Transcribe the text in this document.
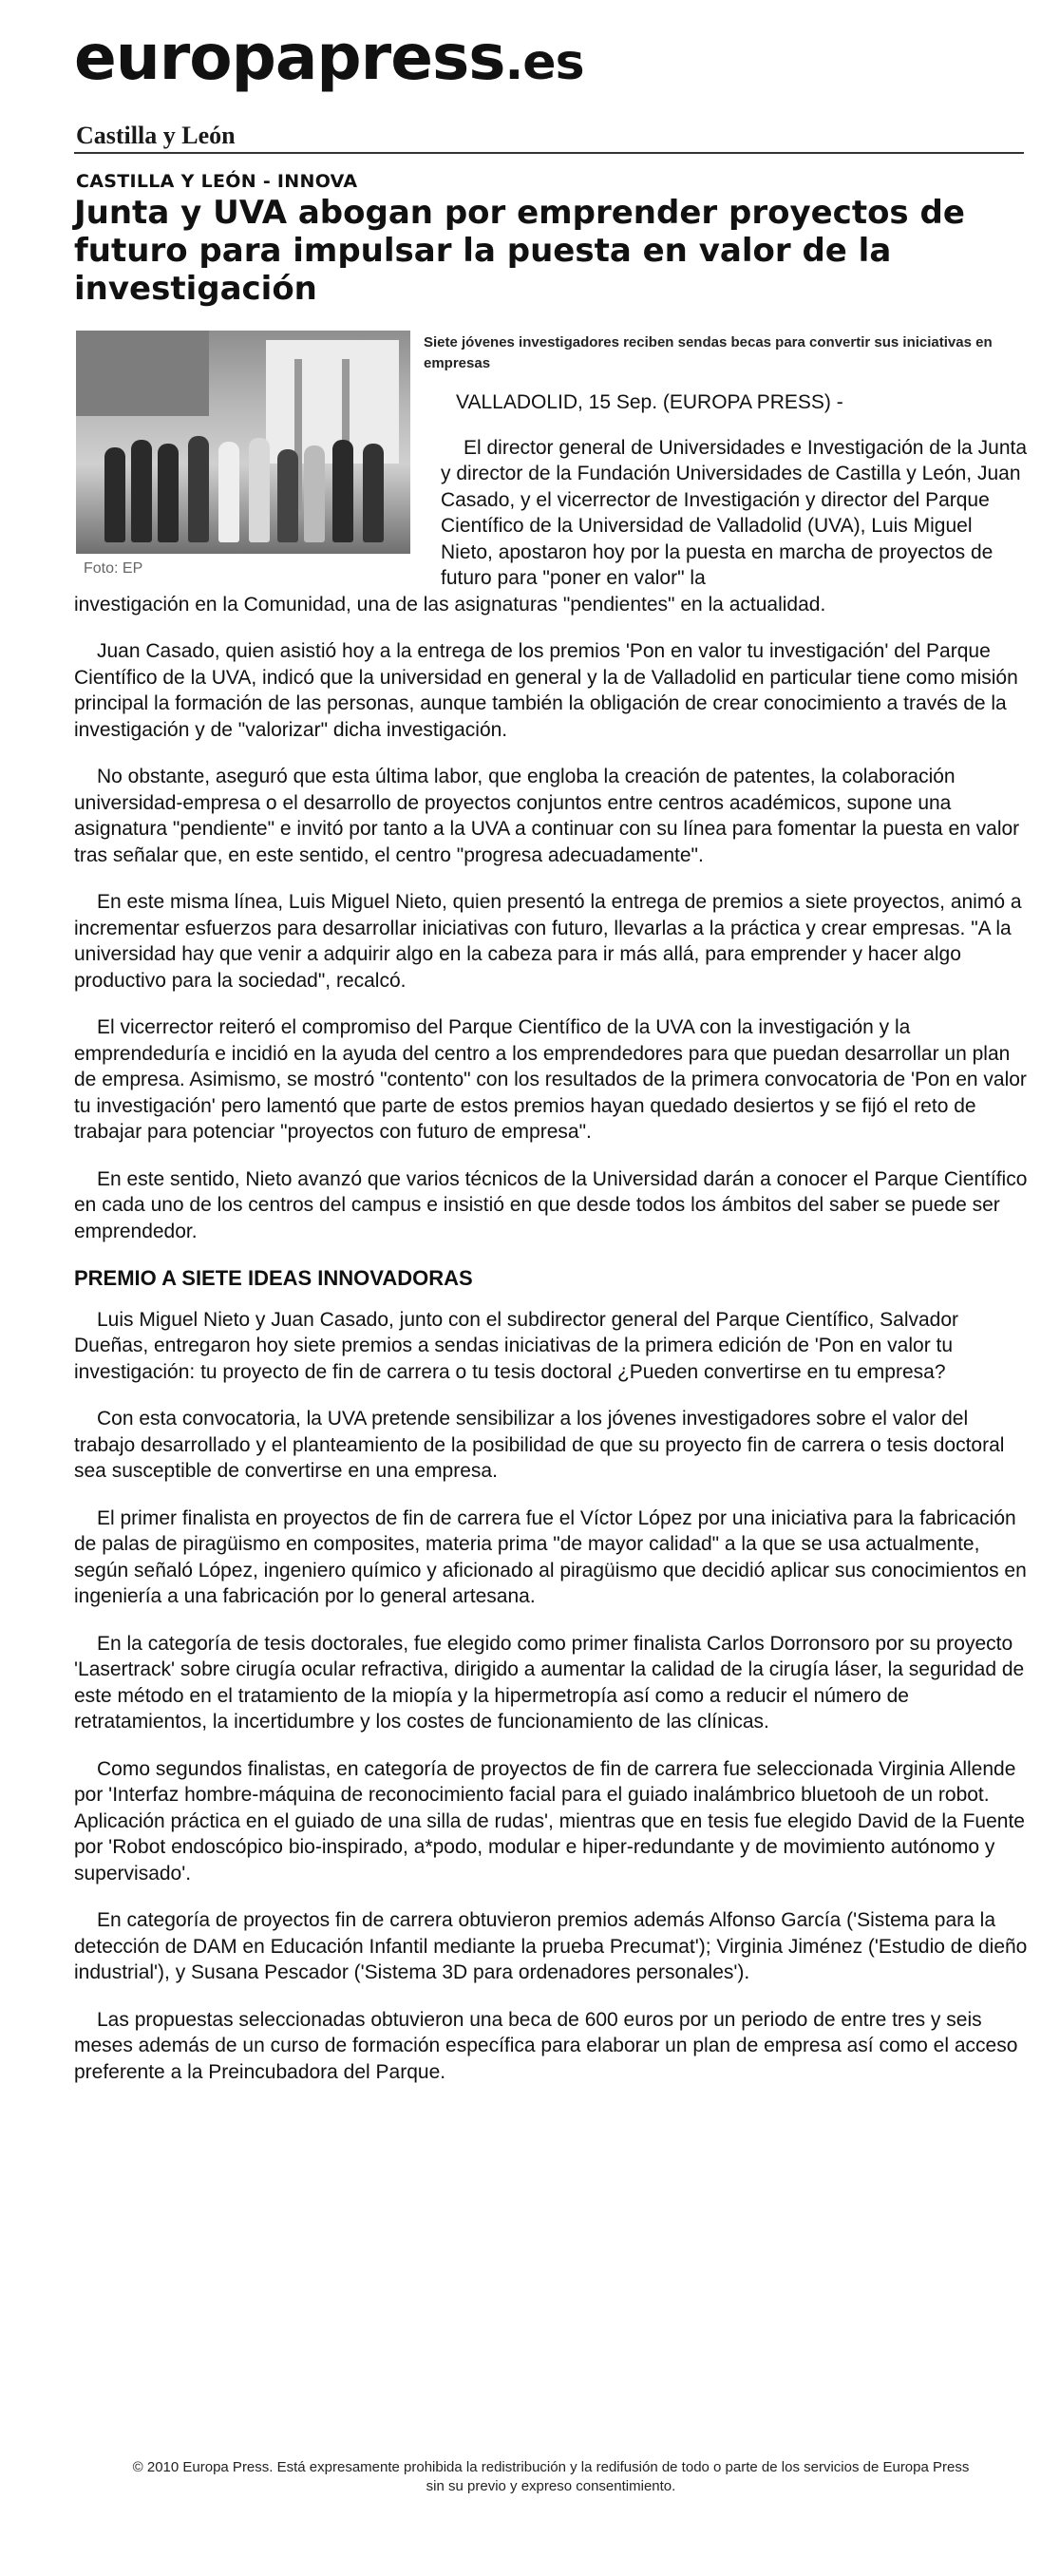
europapress.es
Castilla y León
CASTILLA Y LEÓN - INNOVA
Junta y UVA abogan por emprender proyectos de futuro para impulsar la puesta en valor de la investigación
Foto: EP
Siete jóvenes investigadores reciben sendas becas para convertir sus iniciativas en empresas

VALLADOLID, 15 Sep. (EUROPA PRESS) -

El director general de Universidades e Investigación de la Junta y director de la Fundación Universidades de Castilla y León, Juan Casado, y el vicerrector de Investigación y director del Parque Científico de la Universidad de Valladolid (UVA), Luis Miguel Nieto, apostaron hoy por la puesta en marcha de proyectos de futuro para "poner en valor" la

investigación en la Comunidad, una de las asignaturas "pendientes" en la actualidad.

Juan Casado, quien asistió hoy a la entrega de los premios 'Pon en valor tu investigación' del Parque Científico de la UVA, indicó que la universidad en general y la de Valladolid en particular tiene como misión principal la formación de las personas, aunque también la obligación de crear conocimiento a través de la investigación y de "valorizar" dicha investigación.

No obstante, aseguró que esta última labor, que engloba la creación de patentes, la colaboración universidad-empresa o el desarrollo de proyectos conjuntos entre centros académicos, supone una asignatura "pendiente" e invitó por tanto a la UVA a continuar con su línea para fomentar la puesta en valor tras señalar que, en este sentido, el centro "progresa adecuadamente".

En este misma línea, Luis Miguel Nieto, quien presentó la entrega de premios a siete proyectos, animó a incrementar esfuerzos para desarrollar iniciativas con futuro, llevarlas a la práctica y crear empresas. "A la universidad hay que venir a adquirir algo en la cabeza para ir más allá, para emprender y hacer algo productivo para la sociedad", recalcó.

El vicerrector reiteró el compromiso del Parque Científico de la UVA con la investigación y la emprendeduría e incidió en la ayuda del centro a los emprendedores para que puedan desarrollar un plan de empresa. Asimismo, se mostró "contento" con los resultados de la primera convocatoria de 'Pon en valor tu investigación' pero lamentó que parte de estos premios hayan quedado desiertos y se fijó el reto de trabajar para potenciar "proyectos con futuro de empresa".

En este sentido, Nieto avanzó que varios técnicos de la Universidad darán a conocer el Parque Científico en cada uno de los centros del campus e insistió en que desde todos los ámbitos del saber se puede ser emprendedor.

PREMIO A SIETE IDEAS INNOVADORAS

Luis Miguel Nieto y Juan Casado, junto con el subdirector general del Parque Científico, Salvador Dueñas, entregaron hoy siete premios a sendas iniciativas de la primera edición de 'Pon en valor tu investigación: tu proyecto de fin de carrera o tu tesis doctoral ¿Pueden convertirse en tu empresa?

Con esta convocatoria, la UVA pretende sensibilizar a los jóvenes investigadores sobre el valor del trabajo desarrollado y el planteamiento de la posibilidad de que su proyecto fin de carrera o tesis doctoral sea susceptible de convertirse en una empresa.

El primer finalista en proyectos de fin de carrera fue el Víctor López por una iniciativa para la fabricación de palas de piragüismo en composites, materia prima "de mayor calidad" a la que se usa actualmente, según señaló López, ingeniero químico y aficionado al piragüismo que decidió aplicar sus conocimientos en ingeniería a una fabricación por lo general artesana.

En la categoría de tesis doctorales, fue elegido como primer finalista Carlos Dorronsoro por su proyecto 'Lasertrack' sobre cirugía ocular refractiva, dirigido a aumentar la calidad de la cirugía láser, la seguridad de este método en el tratamiento de la miopía y la hipermetropía así como a reducir el número de retratamientos, la incertidumbre y los costes de funcionamiento de las clínicas.

Como segundos finalistas, en categoría de proyectos de fin de carrera fue seleccionada Virginia Allende por 'Interfaz hombre-máquina de reconocimiento facial para el guiado inalámbrico bluetooh de un robot. Aplicación práctica en el guiado de una silla de rudas', mientras que en tesis fue elegido David de la Fuente por 'Robot endoscópico bio-inspirado, a*podo, modular e hiper-redundante y de movimiento autónomo y supervisado'.

En categoría de proyectos fin de carrera obtuvieron premios además Alfonso García ('Sistema para la detección de DAM en Educación Infantil mediante la prueba Precumat'); Virginia Jiménez ('Estudio de dieño industrial'), y Susana Pescador ('Sistema 3D para ordenadores personales').

Las propuestas seleccionadas obtuvieron una beca de 600 euros por un periodo de entre tres y seis meses además de un curso de formación específica para elaborar un plan de empresa así como el acceso preferente a la Preincubadora del Parque.

© 2010 Europa Press. Está expresamente prohibida la redistribución y la redifusión de todo o parte de los servicios de Europa Press
sin su previo y expreso consentimiento.
